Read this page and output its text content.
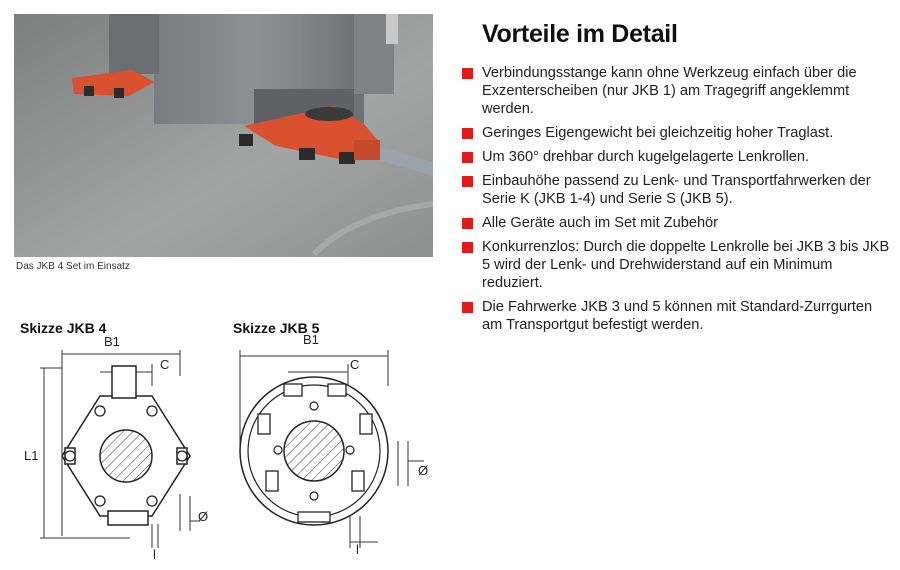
Das JKB 4 Set im Einsatz
Vorteile im Detail
Verbindungsstange kann ohne Werkzeug einfach über die Exzenterscheiben (nur JKB 1) am Tragegriff angeklemmt werden.
Geringes Eigengewicht bei gleichzeitig hoher Traglast.
Um 360° drehbar durch kugelgelagerte Lenkrollen.
Einbauhöhe passend zu Lenk- und Transportfahrwerken der Serie K (JKB 1-4) und Serie S (JKB 5).
Alle Geräte auch im Set mit Zubehör
Konkurrenzlos: Durch die doppelte Lenkrolle bei JKB 3 bis JKB 5 wird der Lenk- und Drehwiderstand auf ein Minimum reduziert.
Die Fahrwerke JKB 3 und 5 können mit Standard-Zurrgurten am Transportgut befestigt werden.
Skizze JKB 4
B1
C
L1
Ø
l
Skizze JKB 5
B1
C
Ø
l
